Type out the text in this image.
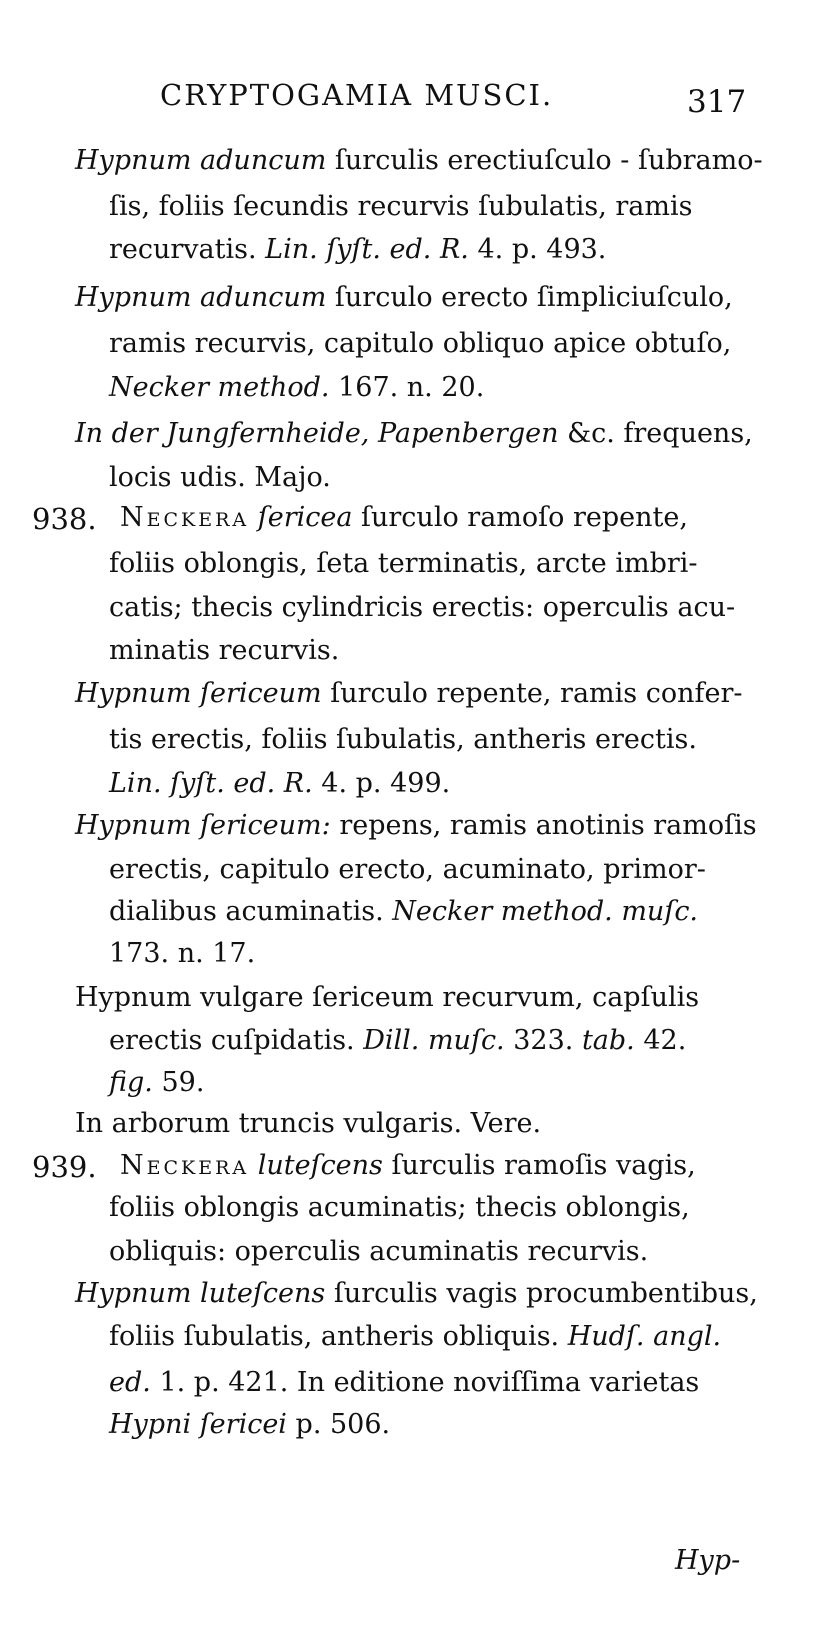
CRYPTOGAMIA MUSCI.	317
Hypnum aduncum ſurculis erectiuſculo - ſubramo-
ſis, foliis ſecundis recurvis ſubulatis, ramis
recurvatis. Lin. ſyſt. ed. R. 4. p. 493.
Hypnum aduncum ſurculo erecto ſimpliciuſculo,
ramis recurvis, capitulo obliquo apice obtuſo,
Necker method. 167. n. 20.
In der Jungfernheide, Papenbergen &c. frequens,
locis udis. Majo.
938. Neckera ſericea ſurculo ramoſo repente,
foliis oblongis, ſeta terminatis, arcte imbri-
catis; thecis cylindricis erectis: operculis acu-
minatis recurvis.
Hypnum ſericeum ſurculo repente, ramis confer-
tis erectis, foliis ſubulatis, antheris erectis.
Lin. ſyſt. ed. R. 4. p. 499.
Hypnum ſericeum: repens, ramis anotinis ramoſis
erectis, capitulo erecto, acuminato, primor-
dialibus acuminatis. Necker method. muſc.
173. n. 17.
Hypnum vulgare ſericeum recurvum, capſulis
erectis cuſpidatis. Dill. muſc. 323. tab. 42.
fig. 59.
In arborum truncis vulgaris. Vere.
939. Neckera luteſcens ſurculis ramoſis vagis,
foliis oblongis acuminatis; thecis oblongis,
obliquis: operculis acuminatis recurvis.
Hypnum luteſcens ſurculis vagis procumbentibus,
foliis ſubulatis, antheris obliquis. Hudſ. angl.
ed. 1. p. 421. In editione noviſſima varietas
Hypni ſericei p. 506.
Hyp-
